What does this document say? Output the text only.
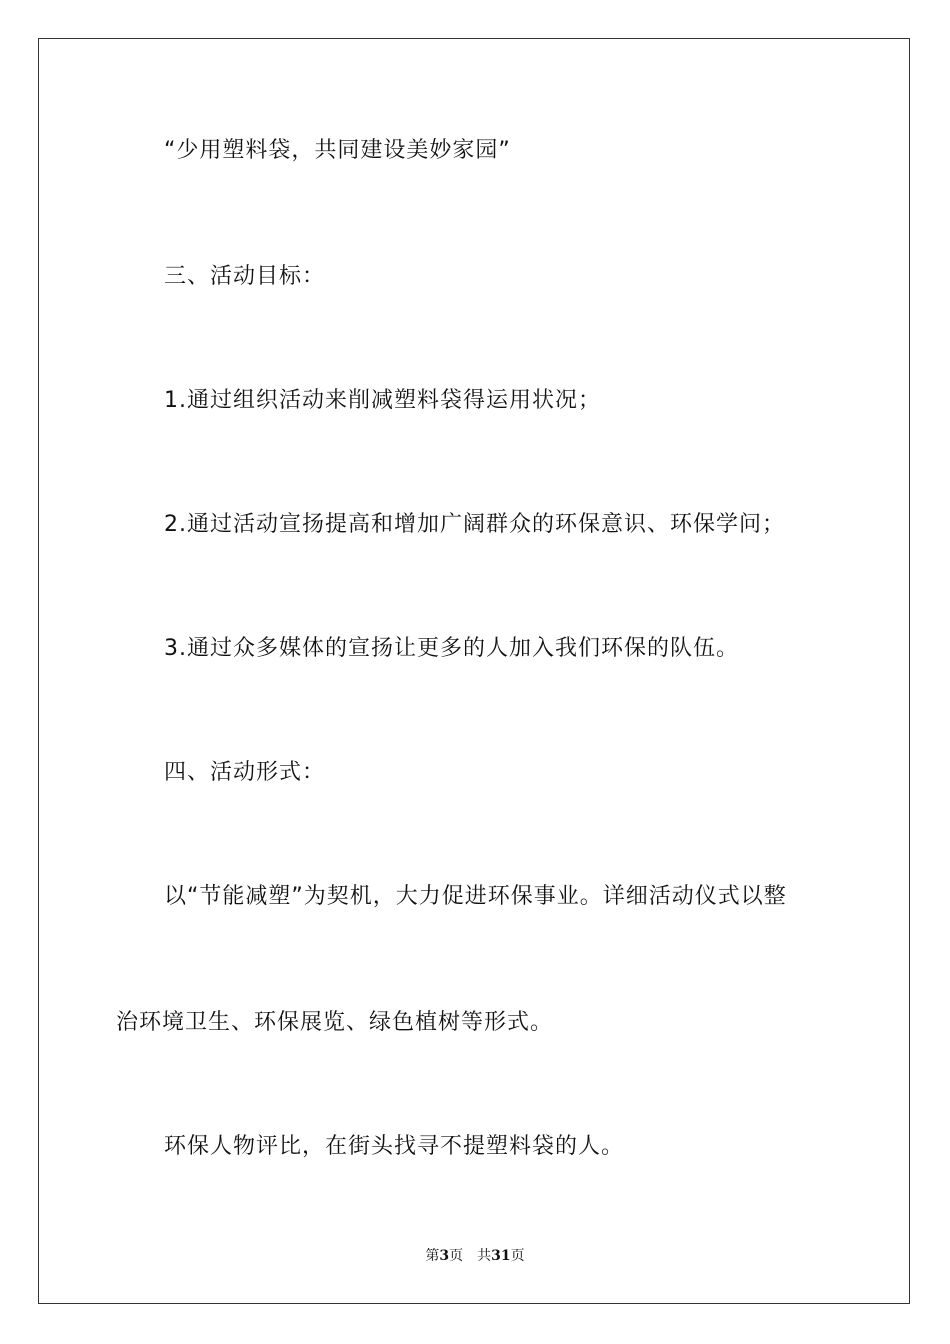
“少用塑料袋，共同建设美妙家园”
三、活动目标：
1.通过组织活动来削减塑料袋得运用状况；
2.通过活动宣扬提高和增加广阔群众的环保意识、环保学问；
3.通过众多媒体的宣扬让更多的人加入我们环保的队伍。
四、活动形式：
以“节能减塑”为契机，大力促进环保事业。详细活动仪式以整
治环境卫生、环保展览、绿色植树等形式。
环保人物评比，在街头找寻不提塑料袋的人。
第3页 共31页
